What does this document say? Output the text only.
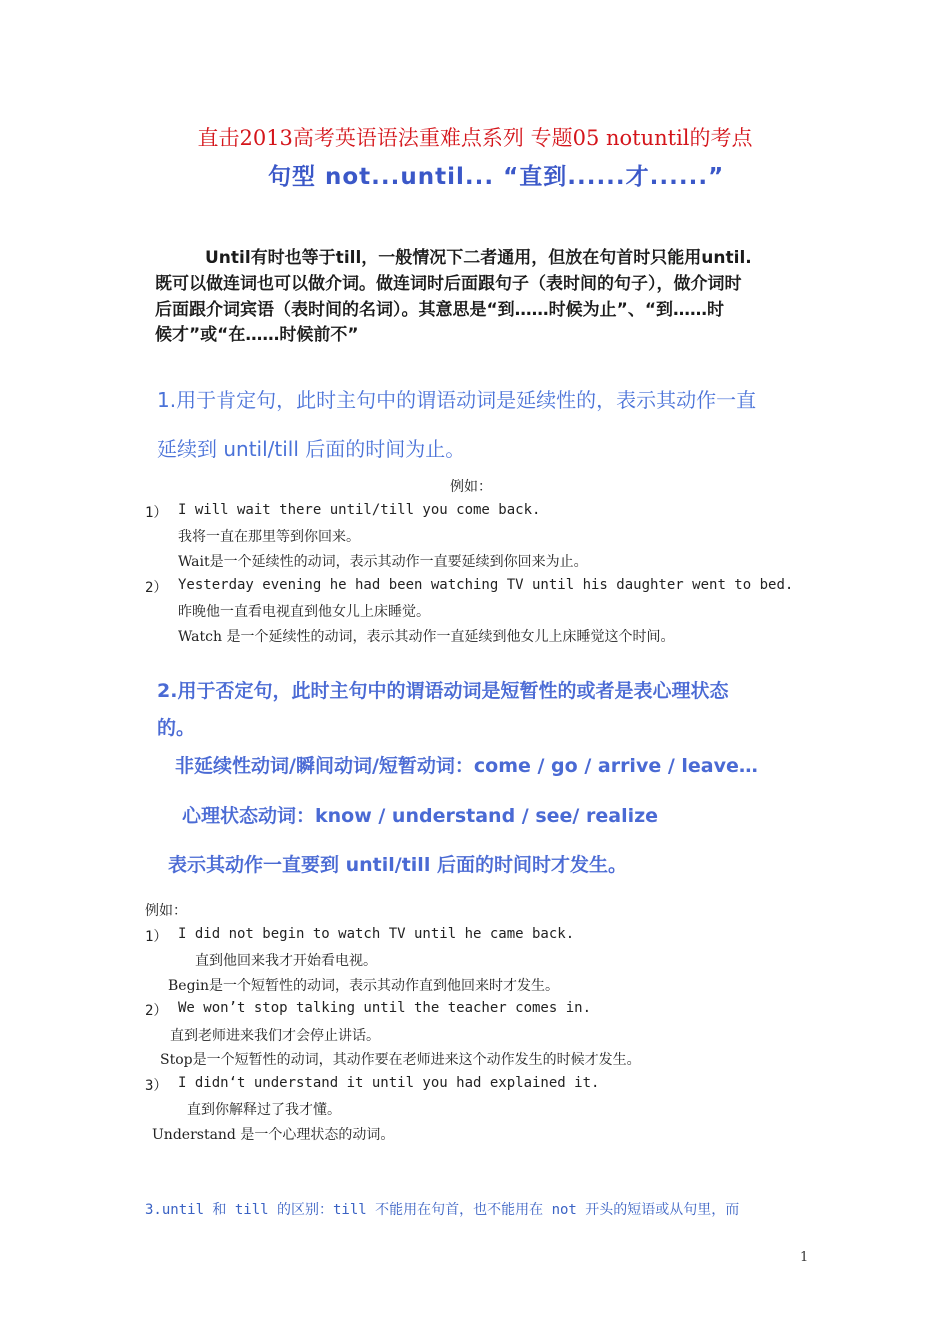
直击2013高考英语语法重难点系列 专题05 notuntil的考点
句型 not...until... “直到......才......”
Until有时也等于till，一般情况下二者通用，但放在句首时只能用until.
既可以做连词也可以做介词。做连词时后面跟句子（表时间的句子），做介词时
后面跟介词宾语（表时间的名词）。其意思是“到……时候为止”、“到……时
候才”或“在……时候前不”
1.用于肯定句，此时主句中的谓语动词是延续性的，表示其动作一直
延续到 until/till 后面的时间为止。
例如：
1） I will wait there until/till you come back.
我将一直在那里等到你回来。
Wait是一个延续性的动词，表示其动作一直要延续到你回来为止。
2） Yesterday evening he had been watching TV until his daughter went to bed.
昨晚他一直看电视直到他女儿上床睡觉。
Watch 是一个延续性的动词，表示其动作一直延续到他女儿上床睡觉这个时间。
2.用于否定句，此时主句中的谓语动词是短暂性的或者是表心理状态
的。
非延续性动词/瞬间动词/短暂动词：come / go / arrive / leave…
心理状态动词：know / understand / see/ realize
表示其动作一直要到 until/till 后面的时间时才发生。
例如：
1） I did not begin to watch TV until he came back.
直到他回来我才开始看电视。
Begin是一个短暂性的动词，表示其动作直到他回来时才发生。
2） We won’t stop talking until the teacher comes in.
直到老师进来我们才会停止讲话。
Stop是一个短暂性的动词，其动作要在老师进来这个动作发生的时候才发生。
3） I didn‘t understand it until you had explained it.
直到你解释过了我才懂。
Understand 是一个心理状态的动词。
3.until 和 till 的区别：till 不能用在句首，也不能用在 not 开头的短语或从句里，而
1
